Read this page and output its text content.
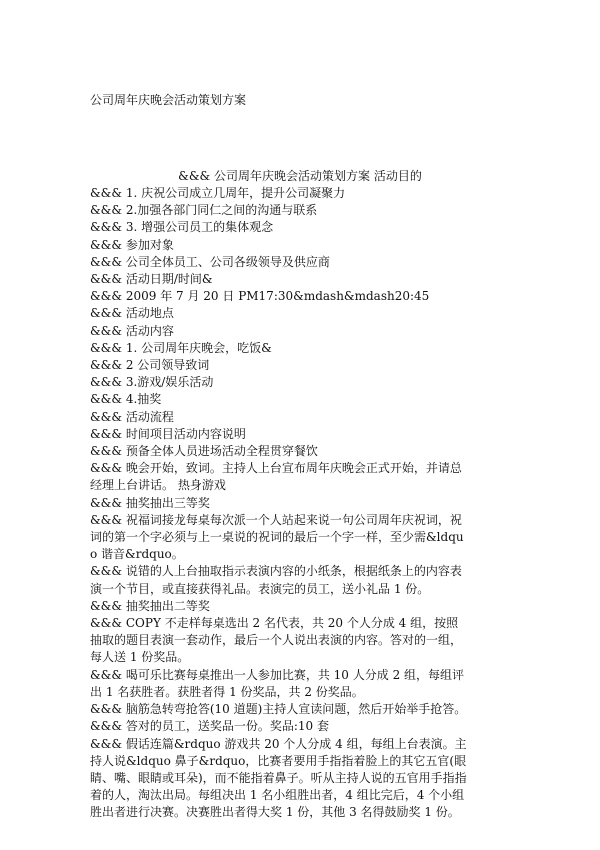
公司周年庆晚会活动策划方案
&&& 公司周年庆晚会活动策划方案 活动目的
&&& 1. 庆祝公司成立几周年，提升公司凝聚力
&&& 2.加强各部门同仁之间的沟通与联系
&&& 3. 增强公司员工的集体观念
&&& 参加对象
&&& 公司全体员工、公司各级领导及供应商
&&& 活动日期/时间&
&&& 2009 年 7 月 20 日 PM17:30&mdash&mdash20:45
&&& 活动地点
&&& 活动内容
&&& 1. 公司周年庆晚会，吃饭&
&&& 2 公司领导致词
&&& 3.游戏/娱乐活动
&&& 4.抽奖
&&& 活动流程
&&& 时间项目活动内容说明
&&& 预备全体人员进场活动全程贯穿餐饮
&&& 晚会开始，致词。主持人上台宣布周年庆晚会正式开始，并请总经理上台讲话。 热身游戏
&&& 抽奖抽出三等奖
&&& 祝福词接龙每桌每次派一个人站起来说一句公司周年庆祝词，祝词的第一个字必须与上一桌说的祝词的最后一个字一样，至少需&ldquo 谐音&rdquo。
&&& 说错的人上台抽取指示表演内容的小纸条，根据纸条上的内容表演一个节目，或直接获得礼品。表演完的员工，送小礼品 1 份。
&&& 抽奖抽出二等奖
&&& COPY 不走样每桌选出 2 名代表，共 20 个人分成 4 组，按照抽取的题目表演一套动作，最后一个人说出表演的内容。答对的一组，每人送 1 份奖品。
&&& 喝可乐比赛每桌推出一人参加比赛，共 10 人分成 2 组，每组评出 1 名获胜者。获胜者得 1 份奖品，共 2 份奖品。
&&& 脑筋急转弯抢答(10 道题)主持人宣读问题，然后开始举手抢答。
&&& 答对的员工，送奖品一份。奖品:10 套
&&& 假话连篇&rdquo 游戏共 20 个人分成 4 组，每组上台表演。主持人说&ldquo 鼻子&rdquo，比赛者要用手指指着脸上的其它五官(眼睛、嘴、眼睛或耳朵)，而不能指着鼻子。听从主持人说的五官用手指指着的人，淘汰出局。每组决出 1 名小组胜出者，4 组比完后，4 个小组胜出者进行决赛。决赛胜出者得大奖 1 份，其他 3 名得鼓励奖 1 份。
